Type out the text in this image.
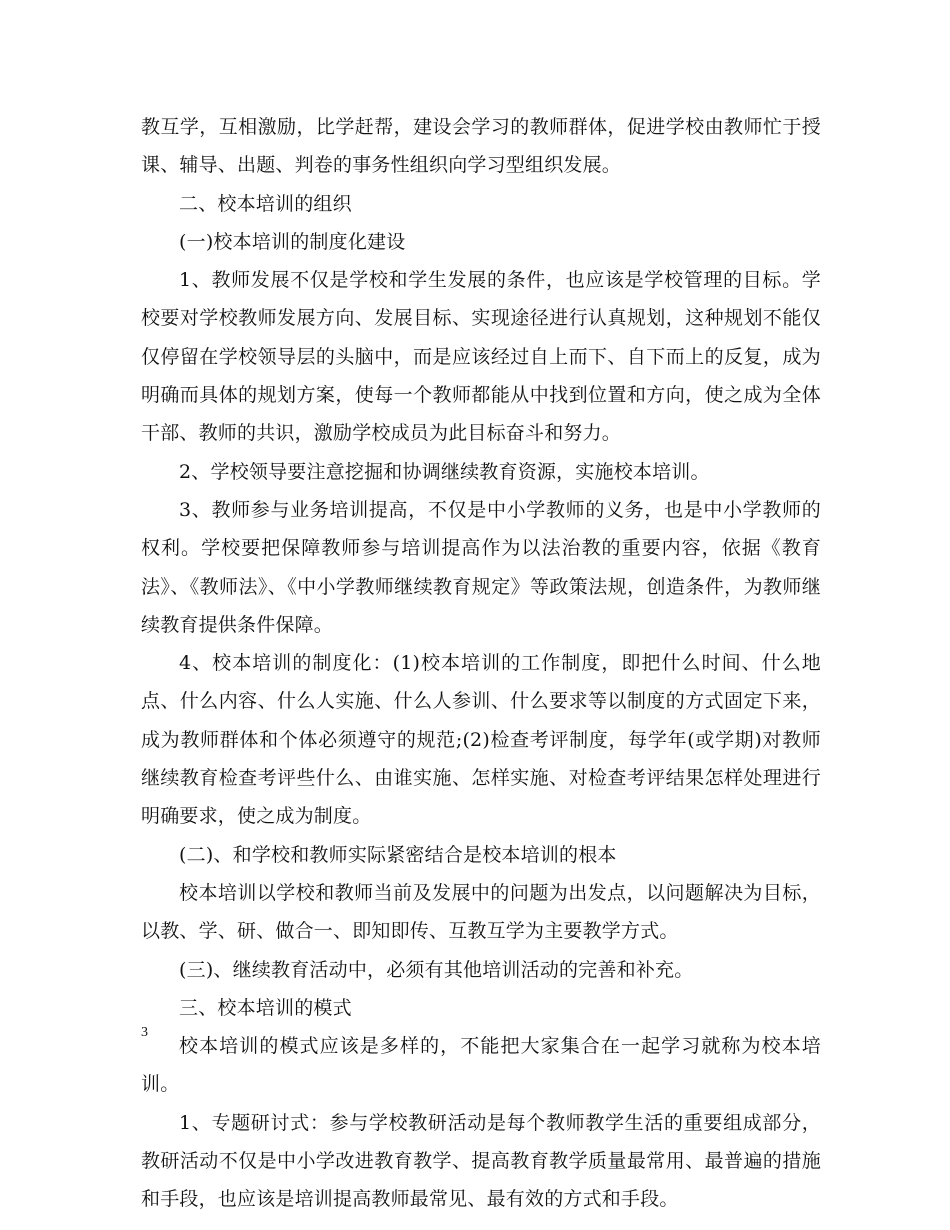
教互学，互相激励，比学赶帮，建设会学习的教师群体，促进学校由教师忙于授课、辅导、出题、判卷的事务性组织向学习型组织发展。

二、校本培训的组织

(一)校本培训的制度化建设

1、教师发展不仅是学校和学生发展的条件，也应该是学校管理的目标。学校要对学校教师发展方向、发展目标、实现途径进行认真规划，这种规划不能仅仅停留在学校领导层的头脑中，而是应该经过自上而下、自下而上的反复，成为明确而具体的规划方案，使每一个教师都能从中找到位置和方向，使之成为全体干部、教师的共识，激励学校成员为此目标奋斗和努力。

2、学校领导要注意挖掘和协调继续教育资源，实施校本培训。

3、教师参与业务培训提高，不仅是中小学教师的义务，也是中小学教师的权利。学校要把保障教师参与培训提高作为以法治教的重要内容，依据《教育法》、《教师法》、《中小学教师继续教育规定》等政策法规，创造条件，为教师继续教育提供条件保障。

4、校本培训的制度化：(1)校本培训的工作制度，即把什么时间、什么地点、什么内容、什么人实施、什么人参训、什么要求等以制度的方式固定下来，成为教师群体和个体必须遵守的规范;(2)检查考评制度，每学年(或学期)对教师继续教育检查考评些什么、由谁实施、怎样实施、对检查考评结果怎样处理进行明确要求，使之成为制度。

(二)、和学校和教师实际紧密结合是校本培训的根本

校本培训以学校和教师当前及发展中的问题为出发点，以问题解决为目标，以教、学、研、做合一、即知即传、互教互学为主要教学方式。

(三)、继续教育活动中，必须有其他培训活动的完善和补充。

三、校本培训的模式

校本培训的模式应该是多样的，不能把大家集合在一起学习就称为校本培训。

1、专题研讨式：参与学校教研活动是每个教师教学生活的重要组成部分，教研活动不仅是中小学改进教育教学、提高教育教学质量最常用、最普遍的措施和手段，也应该是培训提高教师最常见、最有效的方式和手段。

3
